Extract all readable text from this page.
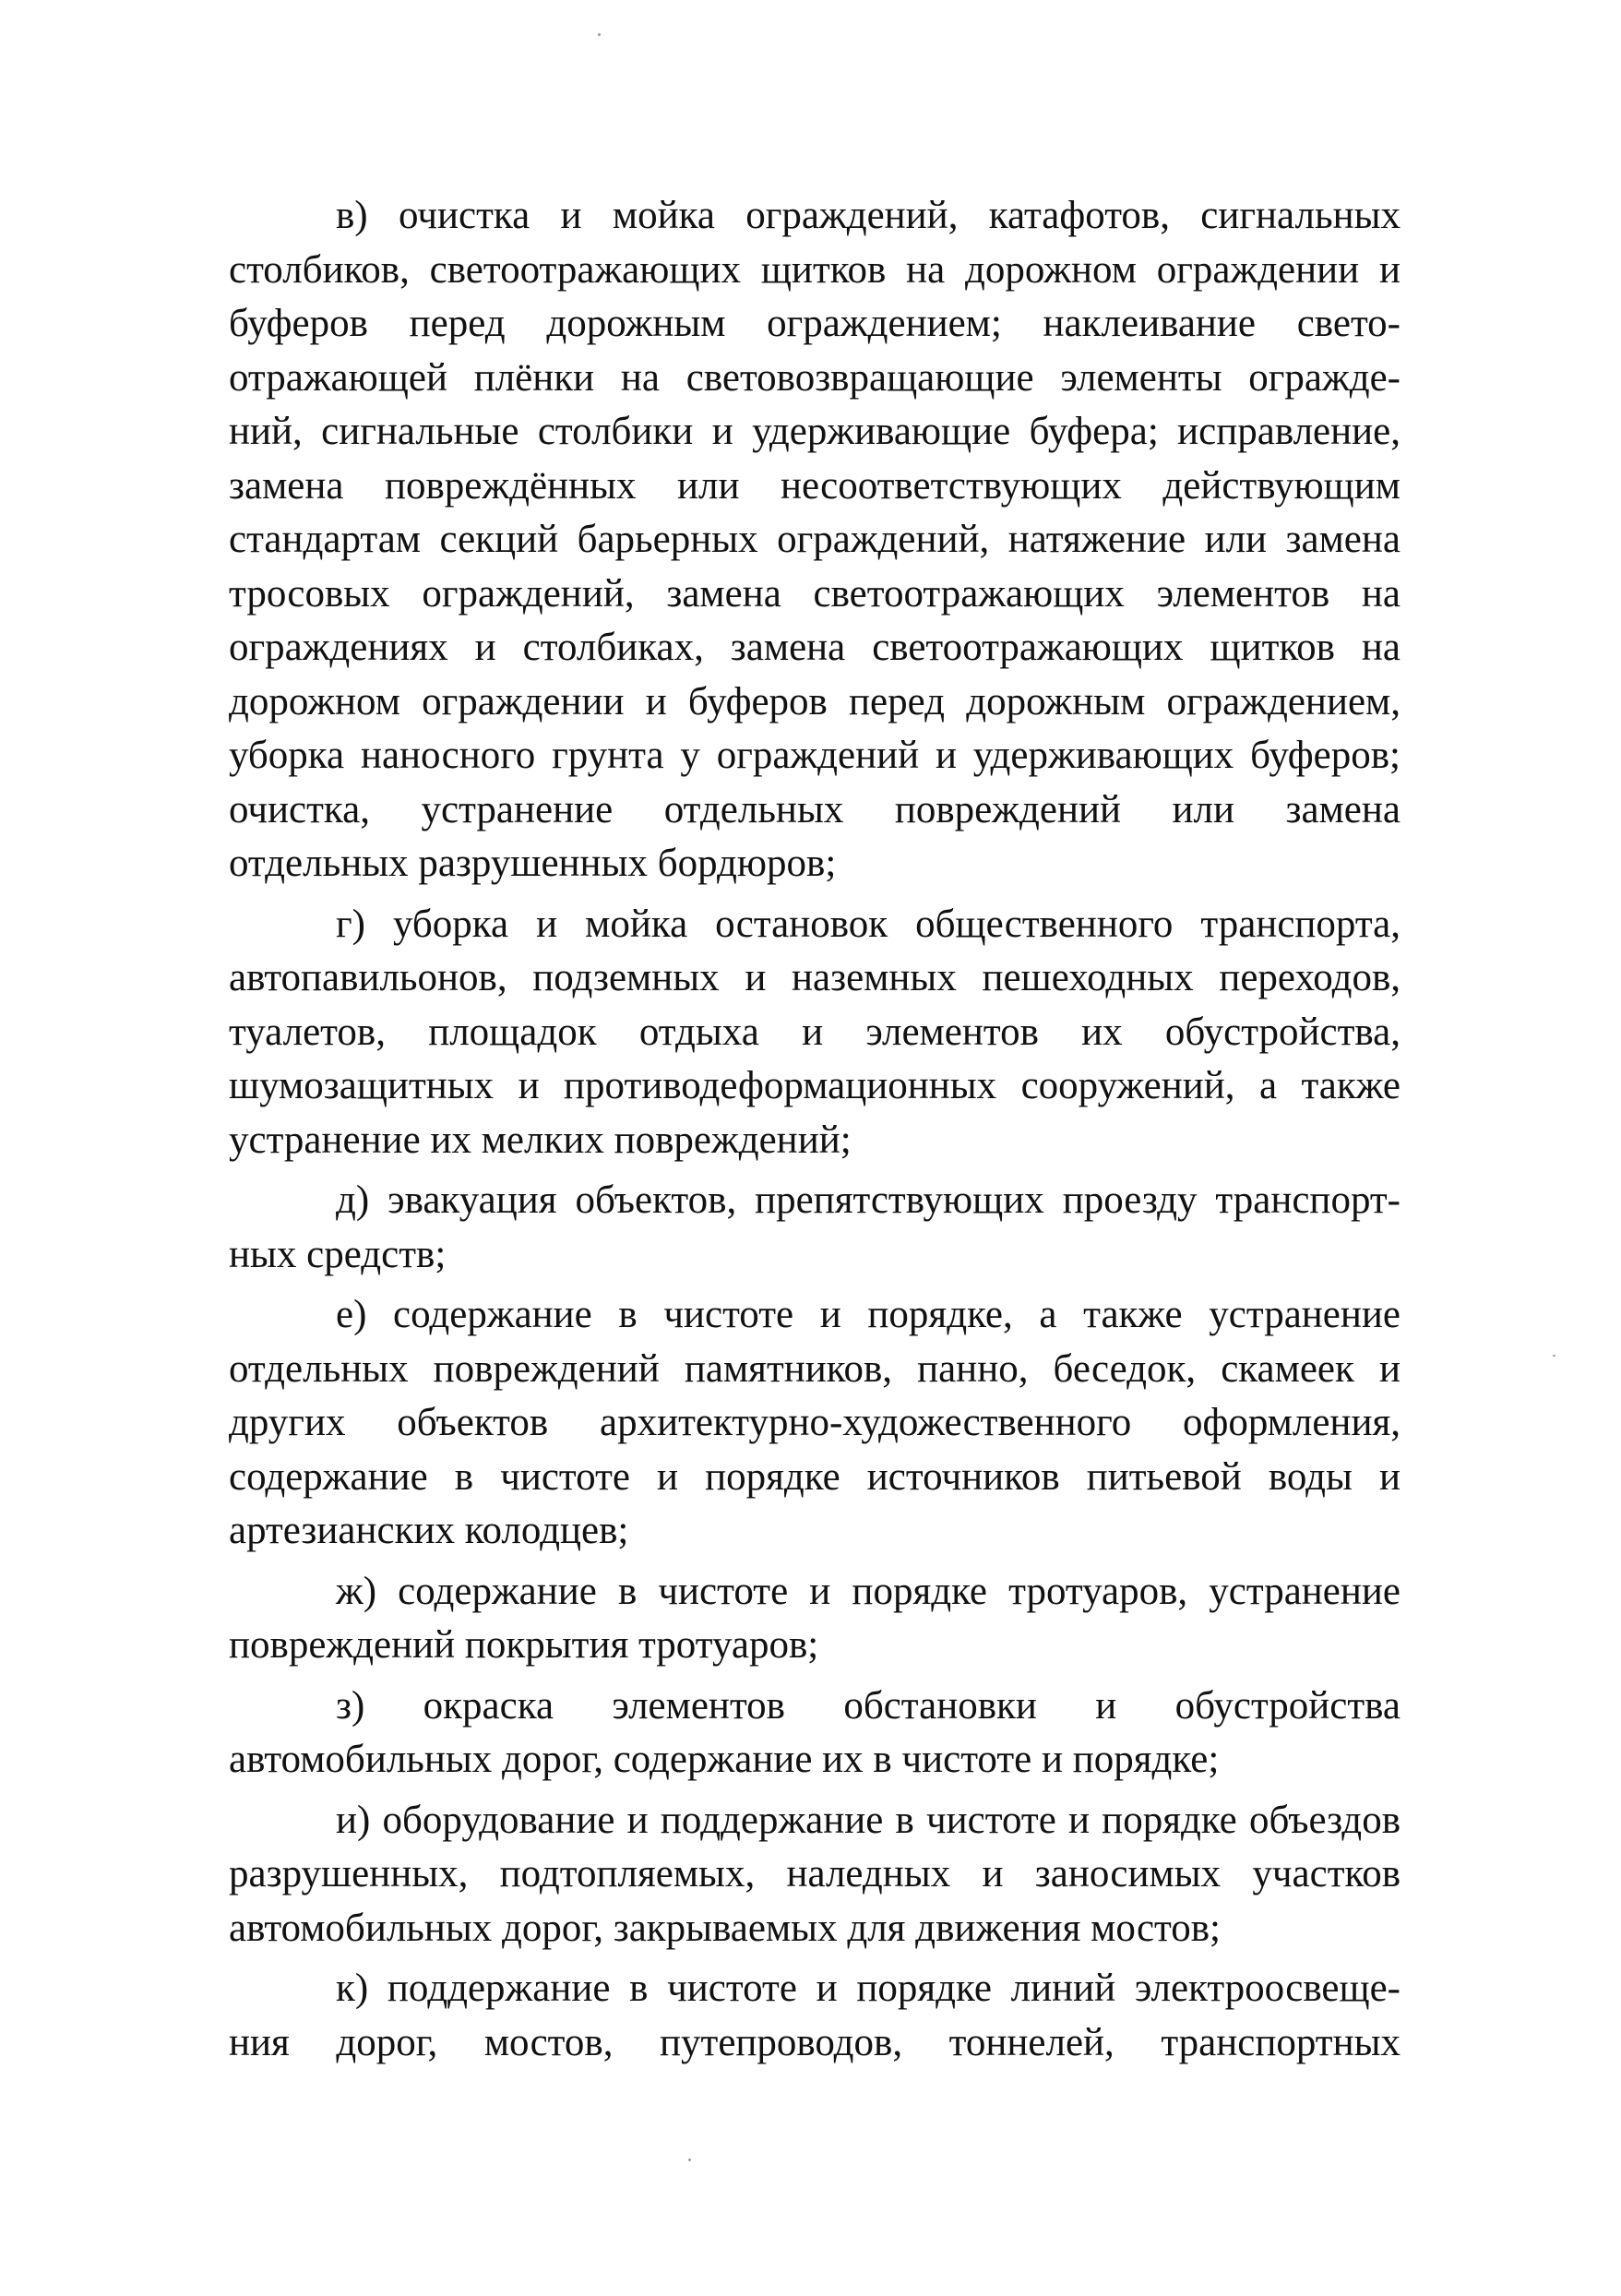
в) очистка и мойка ограждений, катафотов, сигнальных
столбиков, светоотражающих щитков на дорожном ограждении и
буферов перед дорожным ограждением; наклеивание свето-
отражающей плёнки на световозвращающие элементы огражде-
ний, сигнальные столбики и удерживающие буфера; исправление,
замена повреждённых или несоответствующих действующим
стандартам секций барьерных ограждений, натяжение или замена
тросовых ограждений, замена светоотражающих элементов на
ограждениях и столбиках, замена светоотражающих щитков на
дорожном ограждении и буферов перед дорожным ограждением,
уборка наносного грунта у ограждений и удерживающих буферов;
очистка, устранение отдельных повреждений или замена
отдельных разрушенных бордюров;
г) уборка и мойка остановок общественного транспорта,
автопавильонов, подземных и наземных пешеходных переходов,
туалетов, площадок отдыха и элементов их обустройства,
шумозащитных и противодеформационных сооружений, а также
устранение их мелких повреждений;
д) эвакуация объектов, препятствующих проезду транспорт-
ных средств;
е) содержание в чистоте и порядке, а также устранение
отдельных повреждений памятников, панно, беседок, скамеек и
других объектов архитектурно-художественного оформления,
содержание в чистоте и порядке источников питьевой воды и
артезианских колодцев;
ж) содержание в чистоте и порядке тротуаров, устранение
повреждений покрытия тротуаров;
з) окраска элементов обстановки и обустройства
автомобильных дорог, содержание их в чистоте и порядке;
и) оборудование и поддержание в чистоте и порядке объездов
разрушенных, подтопляемых, наледных и заносимых участков
автомобильных дорог, закрываемых для движения мостов;
к) поддержание в чистоте и порядке линий электроосвеще-
ния дорог, мостов, путепроводов, тоннелей, транспортных
